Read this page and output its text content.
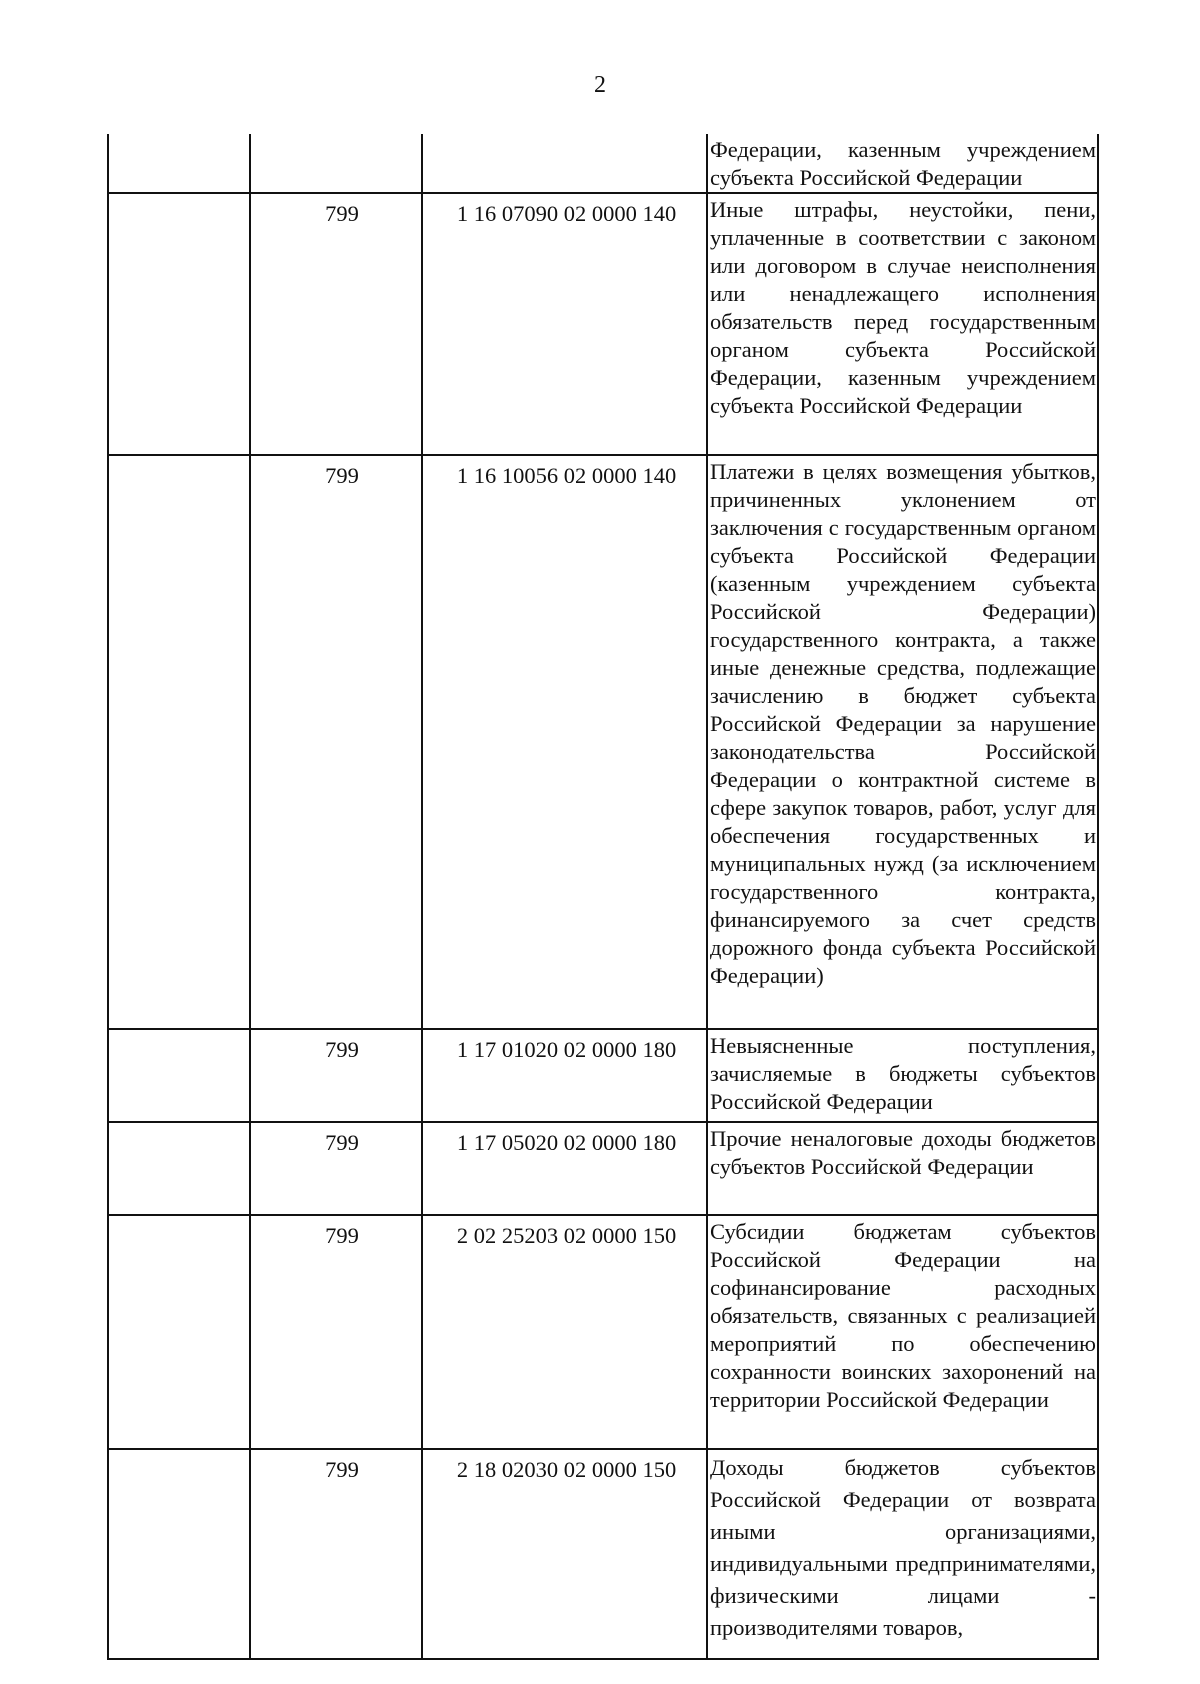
2
			Федерации, казенным учреждением субъекта Российской Федерации
	799	1 16 07090 02 0000 140	Иные штрафы, неустойки, пени, уплаченные в соответствии с законом или договором в случае неисполнения или ненадлежащего исполнения обязательств перед государственным органом субъекта Российской Федерации, казенным учреждением субъекта Российской Федерации
	799	1 16 10056 02 0000 140	Платежи в целях возмещения убытков, причиненных уклонением от заключения с государственным органом субъекта Российской Федерации (казенным учреждением субъекта Российской Федерации) государственного контракта, а также иные денежные средства, подлежащие зачислению в бюджет субъекта Российской Федерации за нарушение законодательства Российской Федерации о контрактной системе в сфере закупок товаров, работ, услуг для обеспечения государственных и муниципальных нужд (за исключением государственного контракта, финансируемого за счет средств дорожного фонда субъекта Российской Федерации)
	799	1 17 01020 02 0000 180	Невыясненные поступления, зачисляемые в бюджеты субъектов Российской Федерации
	799	1 17 05020 02 0000 180	Прочие неналоговые доходы бюджетов субъектов Российской Федерации
	799	2 02 25203 02 0000 150	Субсидии бюджетам субъектов Российской Федерации на софинансирование расходных обязательств, связанных с реализацией мероприятий по обеспечению сохранности воинских захоронений на территории Российской Федерации
	799	2 18 02030 02 0000 150	Доходы бюджетов субъектов Российской Федерации от возврата иными организациями, индивидуальными предпринимателями, физическими лицами - производителями товаров,
